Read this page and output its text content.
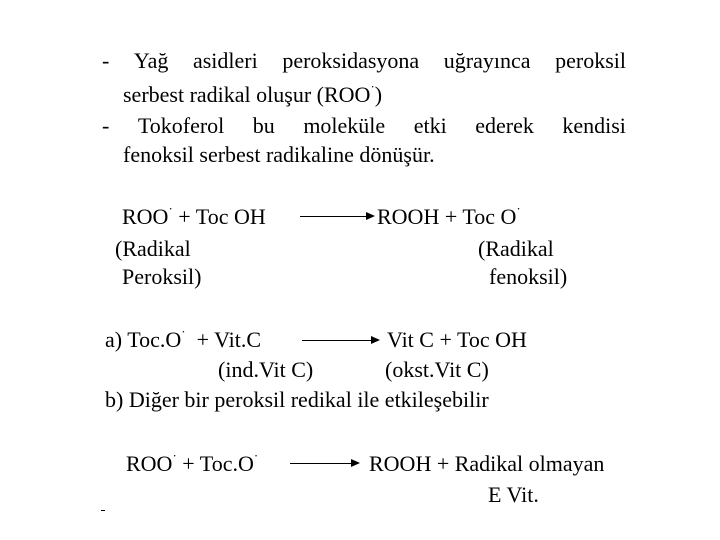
- Yağ asidleri peroksidasyona uğrayınca peroksil
serbest radikal oluşur (ROO·)
- Tokoferol bu moleküle etki ederek kendisi
fenoksil serbest radikaline dönüşür.
ROO· + Toc OH	ROOH + Toc O·
(Radikal
Peroksil)
(Radikal
fenoksil)
a) Toc.O· + Vit.C	Vit C + Toc OH
(ind.Vit C)	(okst.Vit C)
b) Diğer bir peroksil redikal ile etkileşebilir
ROO· + Toc.O·	ROOH + Radikal olmayan
E Vit.
